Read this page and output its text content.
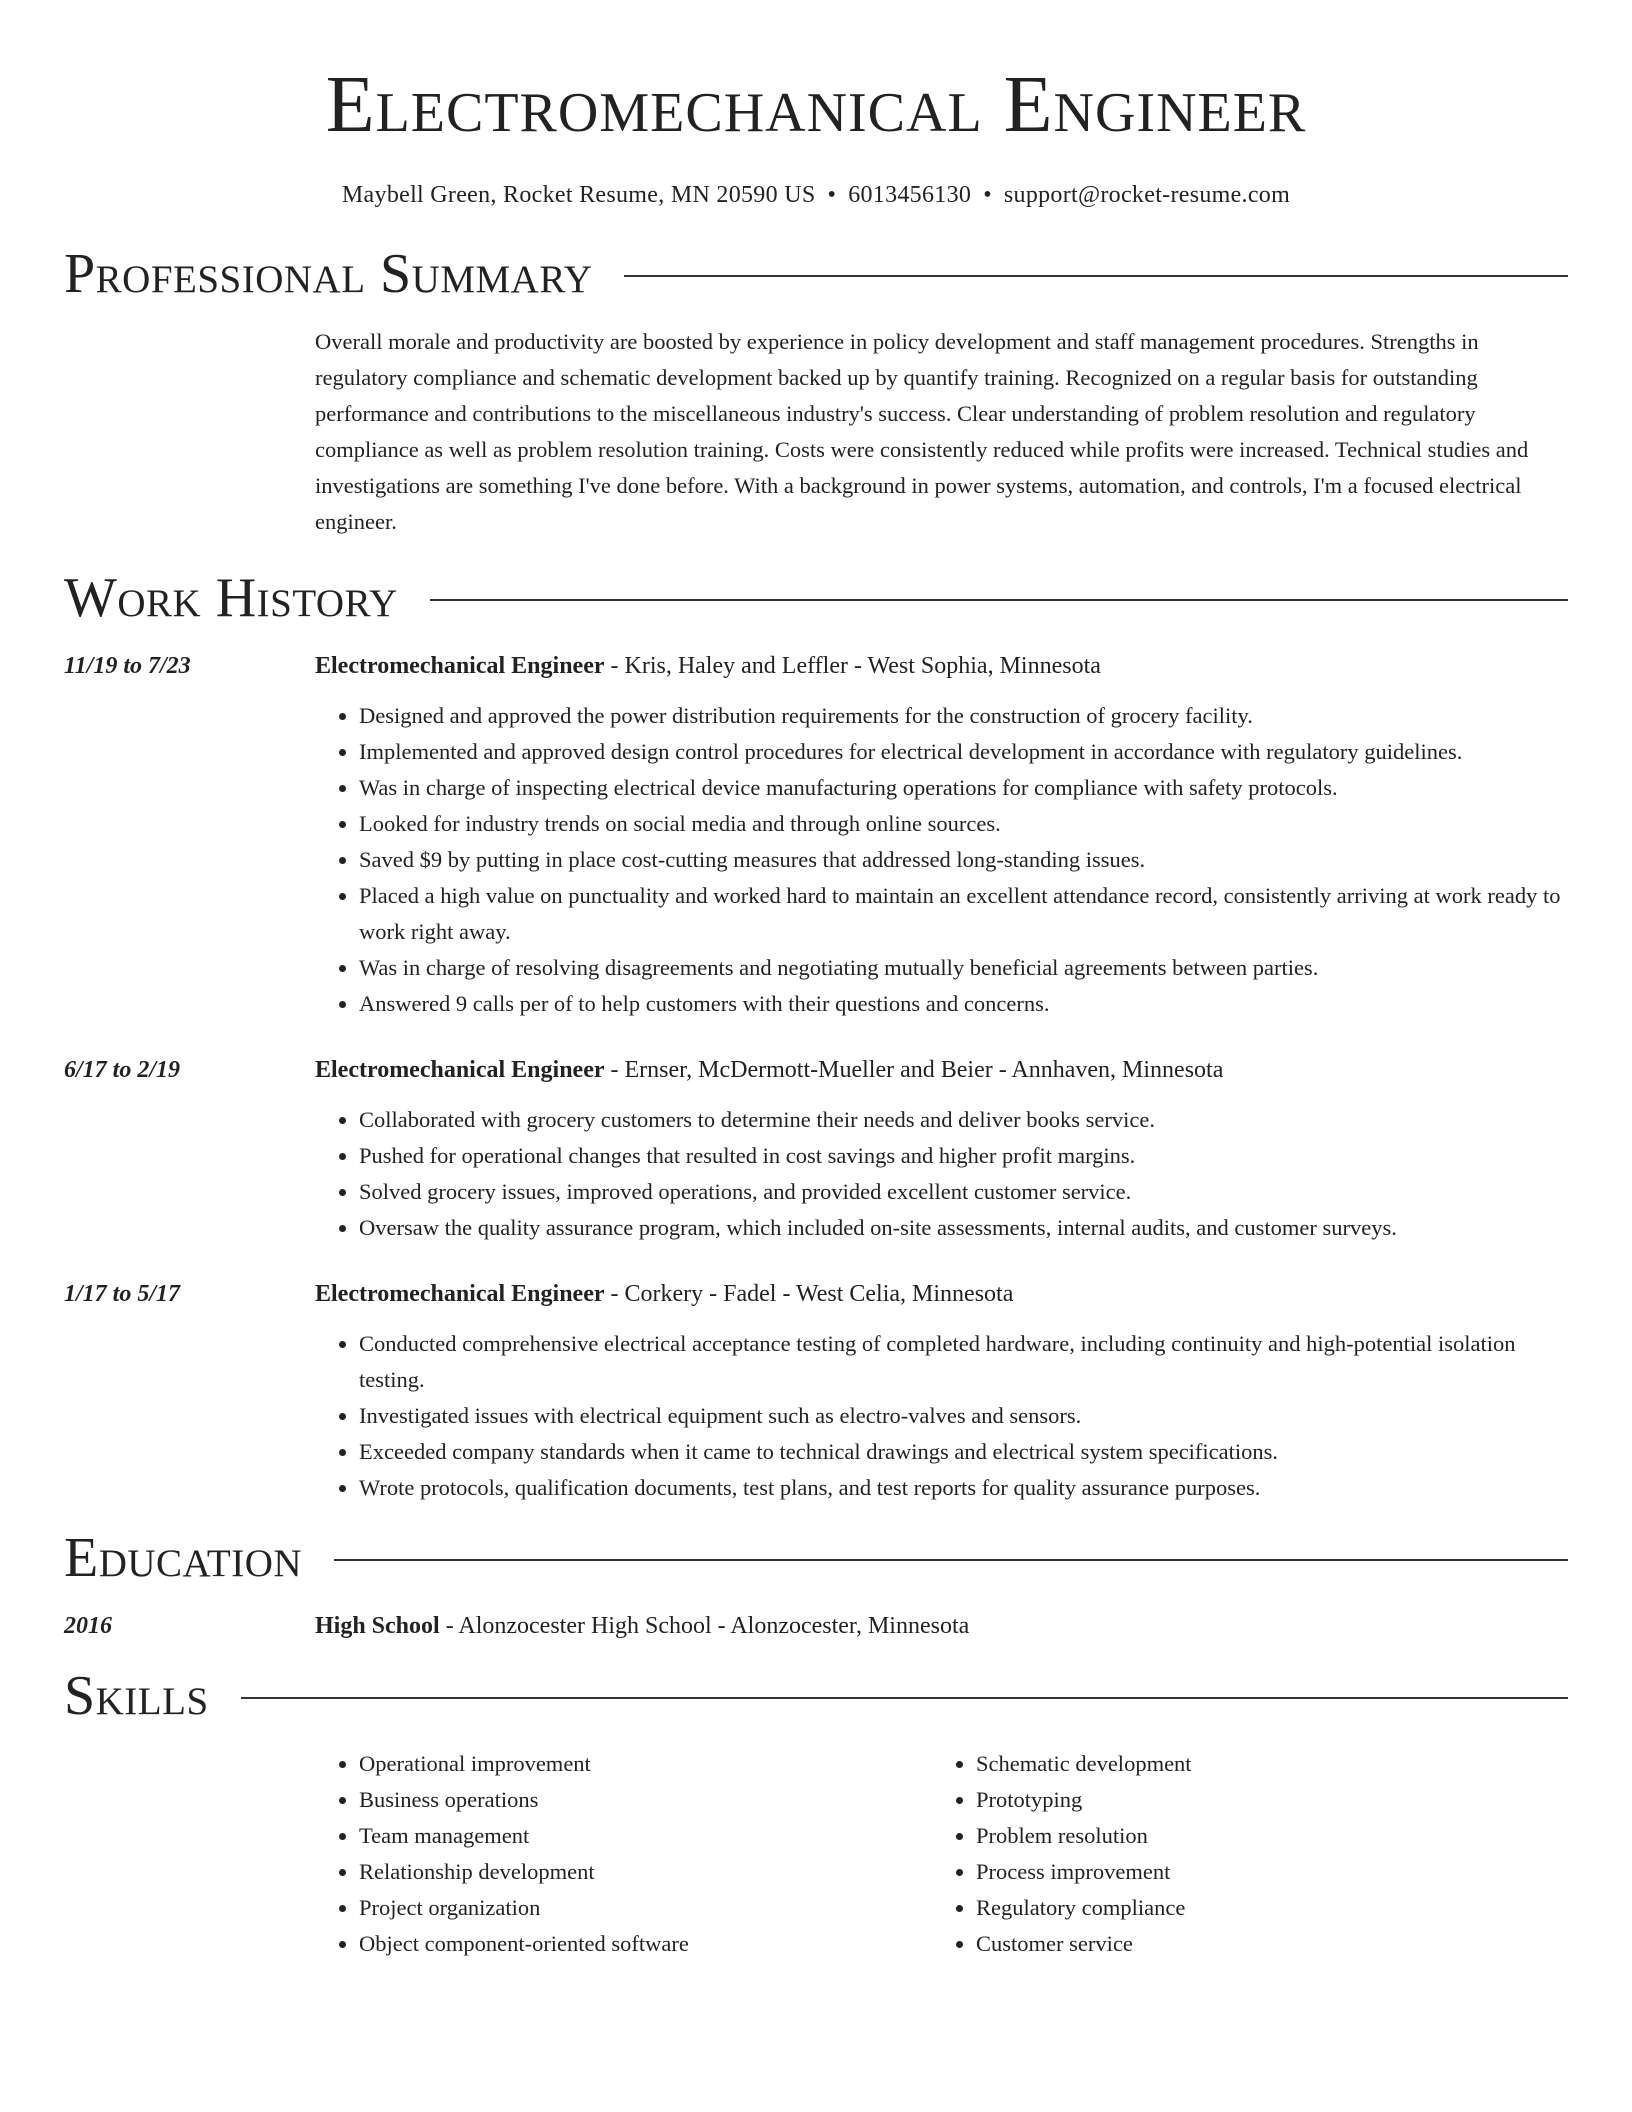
Electromechanical Engineer
Maybell Green, Rocket Resume, MN 20590 US • 6013456130 • support@rocket-resume.com
Professional Summary
Overall morale and productivity are boosted by experience in policy development and staff management procedures. Strengths in regulatory compliance and schematic development backed up by quantify training. Recognized on a regular basis for outstanding performance and contributions to the miscellaneous industry's success. Clear understanding of problem resolution and regulatory compliance as well as problem resolution training. Costs were consistently reduced while profits were increased. Technical studies and investigations are something I've done before. With a background in power systems, automation, and controls, I'm a focused electrical engineer.
Work History
11/19 to 7/23	Electromechanical Engineer - Kris, Haley and Leffler - West Sophia, Minnesota
• Designed and approved the power distribution requirements for the construction of grocery facility.
• Implemented and approved design control procedures for electrical development in accordance with regulatory guidelines.
• Was in charge of inspecting electrical device manufacturing operations for compliance with safety protocols.
• Looked for industry trends on social media and through online sources.
• Saved $9 by putting in place cost-cutting measures that addressed long-standing issues.
• Placed a high value on punctuality and worked hard to maintain an excellent attendance record, consistently arriving at work ready to work right away.
• Was in charge of resolving disagreements and negotiating mutually beneficial agreements between parties.
• Answered 9 calls per of to help customers with their questions and concerns.
6/17 to 2/19	Electromechanical Engineer - Ernser, McDermott-Mueller and Beier - Annhaven, Minnesota
• Collaborated with grocery customers to determine their needs and deliver books service.
• Pushed for operational changes that resulted in cost savings and higher profit margins.
• Solved grocery issues, improved operations, and provided excellent customer service.
• Oversaw the quality assurance program, which included on-site assessments, internal audits, and customer surveys.
1/17 to 5/17	Electromechanical Engineer - Corkery - Fadel - West Celia, Minnesota
• Conducted comprehensive electrical acceptance testing of completed hardware, including continuity and high-potential isolation testing.
• Investigated issues with electrical equipment such as electro-valves and sensors.
• Exceeded company standards when it came to technical drawings and electrical system specifications.
• Wrote protocols, qualification documents, test plans, and test reports for quality assurance purposes.
Education
2016	High School - Alonzocester High School - Alonzocester, Minnesota
Skills
• Operational improvement
• Business operations
• Team management
• Relationship development
• Project organization
• Object component-oriented software
• Schematic development
• Prototyping
• Problem resolution
• Process improvement
• Regulatory compliance
• Customer service
